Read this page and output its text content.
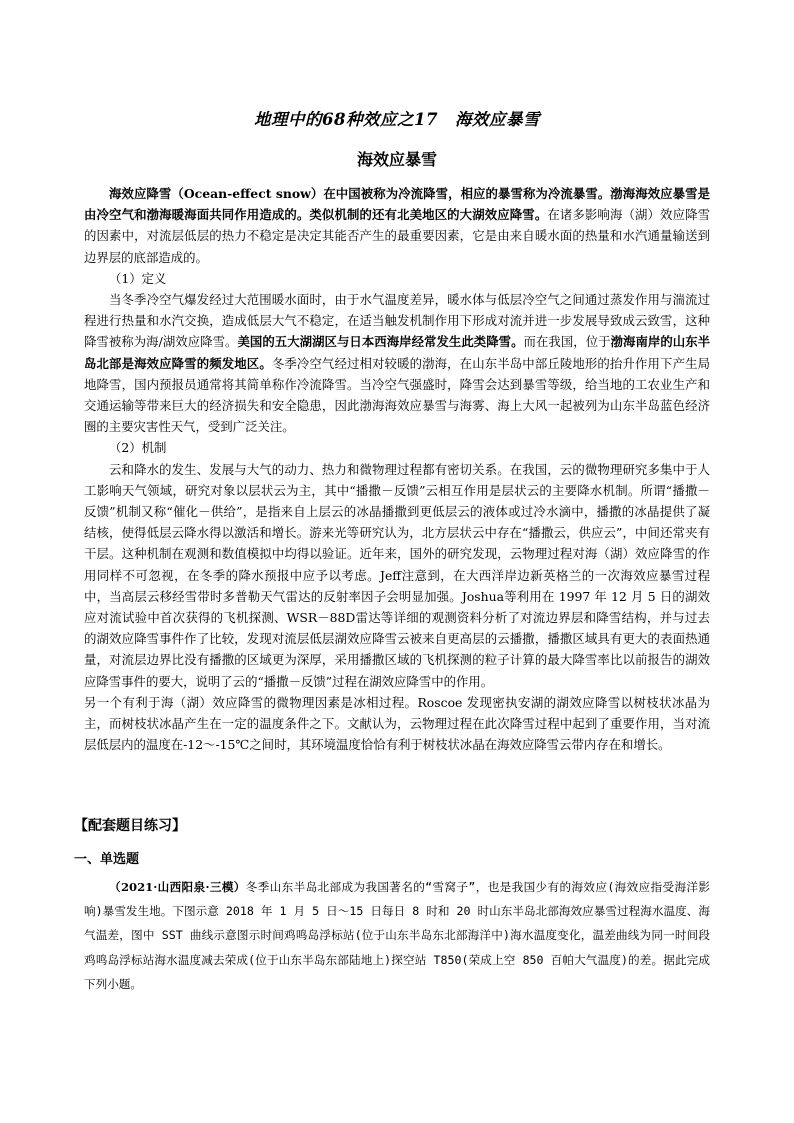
地理中的68种效应之17　海效应暴雪
海效应暴雪

海效应降雪（Ocean-effect snow）在中国被称为冷流降雪，相应的暴雪称为冷流暴雪。渤海海效应暴雪是由冷空气和渤海暖海面共同作用造成的。类似机制的还有北美地区的大湖效应降雪。在诸多影响海（湖）效应降雪的因素中，对流层低层的热力不稳定是决定其能否产生的最重要因素，它是由来自暖水面的热量和水汽通量输送到边界层的底部造成的。

（1）定义

当冬季冷空气爆发经过大范围暖水面时，由于水气温度差异，暖水体与低层冷空气之间通过蒸发作用与湍流过程进行热量和水汽交换，造成低层大气不稳定，在适当触发机制作用下形成对流并进一步发展导致成云致雪，这种降雪被称为海/湖效应降雪。美国的五大湖湖区与日本西海岸经常发生此类降雪。而在我国，位于渤海南岸的山东半岛北部是海效应降雪的频发地区。冬季冷空气经过相对较暖的渤海，在山东半岛中部丘陵地形的抬升作用下产生局地降雪，国内预报员通常将其简单称作冷流降雪。当冷空气强盛时，降雪会达到暴雪等级，给当地的工农业生产和交通运输等带来巨大的经济损失和安全隐患，因此渤海海效应暴雪与海雾、海上大风一起被列为山东半岛蓝色经济圈的主要灾害性天气，受到广泛关注。

（2）机制

云和降水的发生、发展与大气的动力、热力和微物理过程都有密切关系。在我国，云的微物理研究多集中于人工影响天气领域，研究对象以层状云为主，其中“播撒－反馈”云相互作用是层状云的主要降水机制。所谓“播撒－反馈”机制又称“催化－供给”，是指来自上层云的冰晶播撒到更低层云的液体或过冷水滴中，播撒的冰晶提供了凝结核，使得低层云降水得以激活和增长。游来光等研究认为，北方层状云中存在“播撒云，供应云”，中间还常夹有干层。这种机制在观测和数值模拟中均得以验证。近年来，国外的研究发现，云物理过程对海（湖）效应降雪的作用同样不可忽视，在冬季的降水预报中应予以考虑。Jeff注意到，在大西洋岸边新英格兰的一次海效应暴雪过程中，当高层云移经雪带时多普勒天气雷达的反射率因子会明显加强。Joshua等利用在 1997 年 12 月 5 日的湖效应对流试验中首次获得的飞机探测、WSR－88D雷达等详细的观测资料分析了对流边界层和降雪结构，并与过去的湖效应降雪事件作了比较，发现对流层低层湖效应降雪云被来自更高层的云播撒，播撒区域具有更大的表面热通量，对流层边界比没有播撒的区域更为深厚，采用播撒区域的飞机探测的粒子计算的最大降雪率比以前报告的湖效应降雪事件的要大，说明了云的“播撒－反馈”过程在湖效应降雪中的作用。

另一个有利于海（湖）效应降雪的微物理因素是冰相过程。Roscoe 发现密执安湖的湖效应降雪以树枝状冰晶为主，而树枝状冰晶产生在一定的温度条件之下。文献认为，云物理过程在此次降雪过程中起到了重要作用，当对流层低层内的温度在-12～-15℃之间时，其环境温度恰恰有利于树枝状冰晶在海效应降雪云带内存在和增长。

【配套题目练习】
一、单选题
（2021·山西阳泉·三模）冬季山东半岛北部成为我国著名的“雪窝子”，也是我国少有的海效应(海效应指受海洋影响)暴雪发生地。下图示意 2018 年 1 月 5 日～15 日每日 8 时和 20 时山东半岛北部海效应暴雪过程海水温度、海气温差，图中 SST 曲线示意图示时间鸡鸣岛浮标站(位于山东半岛东北部海洋中)海水温度变化，温差曲线为同一时间段鸡鸣岛浮标站海水温度减去荣成(位于山东半岛东部陆地上)探空站 T850(荣成上空 850 百帕大气温度)的差。据此完成下列小题。
